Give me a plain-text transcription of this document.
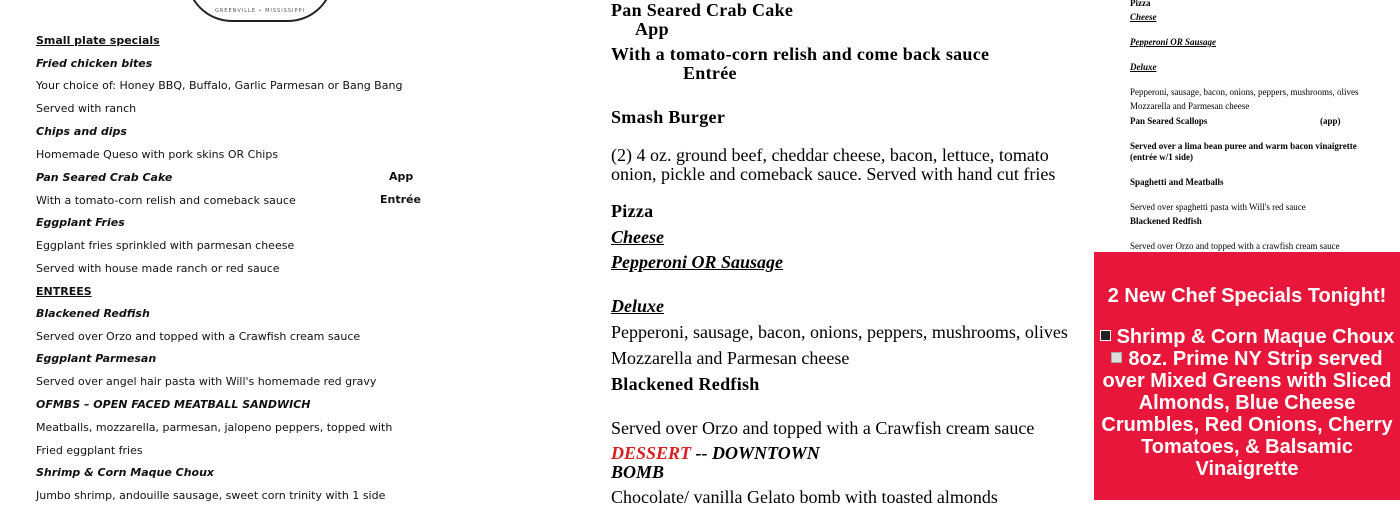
GREENVILLE • MISSISSIPPI
Small plate specials
Fried chicken bites
Your choice of: Honey BBQ, Buffalo, Garlic Parmesan or Bang Bang
Served with ranch
Chips and dips
Homemade Queso with pork skins OR Chips
Pan Seared Crab Cake	App
With a tomato-corn relish and comeback sauce	Entrée
Eggplant Fries
Eggplant fries sprinkled with parmesan cheese
Served with house made ranch or red sauce
ENTREES
Blackened Redfish
Served over Orzo and topped with a Crawfish cream sauce
Eggplant Parmesan
Served over angel hair pasta with Will's homemade red gravy
OFMBS – OPEN FACED MEATBALL SANDWICH
Meatballs, mozzarella, parmesan, jalopeno peppers, topped with
Fried eggplant fries
Shrimp & Corn Maque Choux
Jumbo shrimp, andouille sausage, sweet corn trinity with 1 side
Pan Seared Crab Cake
App
With a tomato-corn relish and come back sauce
Entrée
Smash Burger
(2) 4 oz. ground beef, cheddar cheese, bacon, lettuce, tomato
onion, pickle and comeback sauce. Served with hand cut fries
Pizza
Cheese
Pepperoni OR Sausage
Deluxe
Pepperoni, sausage, bacon, onions, peppers, mushrooms, olives
Mozzarella and Parmesan cheese
Blackened Redfish
Served over Orzo and topped with a Crawfish cream sauce
DESSERT -- DOWNTOWN
BOMB
Chocolate/ vanilla Gelato bomb with toasted almonds
Pizza
Cheese
Pepperoni OR Sausage
Deluxe
Pepperoni, sausage, bacon, onions, peppers, mushrooms, olives
Mozzarella and Parmesan cheese
Pan Seared Scallops	(app)
Served over a lima bean puree and warm bacon vinaigrette
(entrée w/1 side)
Spaghetti and Meatballs
Served over spaghetti pasta with Will's red sauce
Blackened Redfish
Served over Orzo and topped with a crawfish cream sauce
2 New Chef Specials Tonight!
Shrimp & Corn Maque Choux
8oz. Prime NY Strip served over Mixed Greens with Sliced Almonds, Blue Cheese Crumbles, Red Onions, Cherry Tomatoes, & Balsamic Vinaigrette
